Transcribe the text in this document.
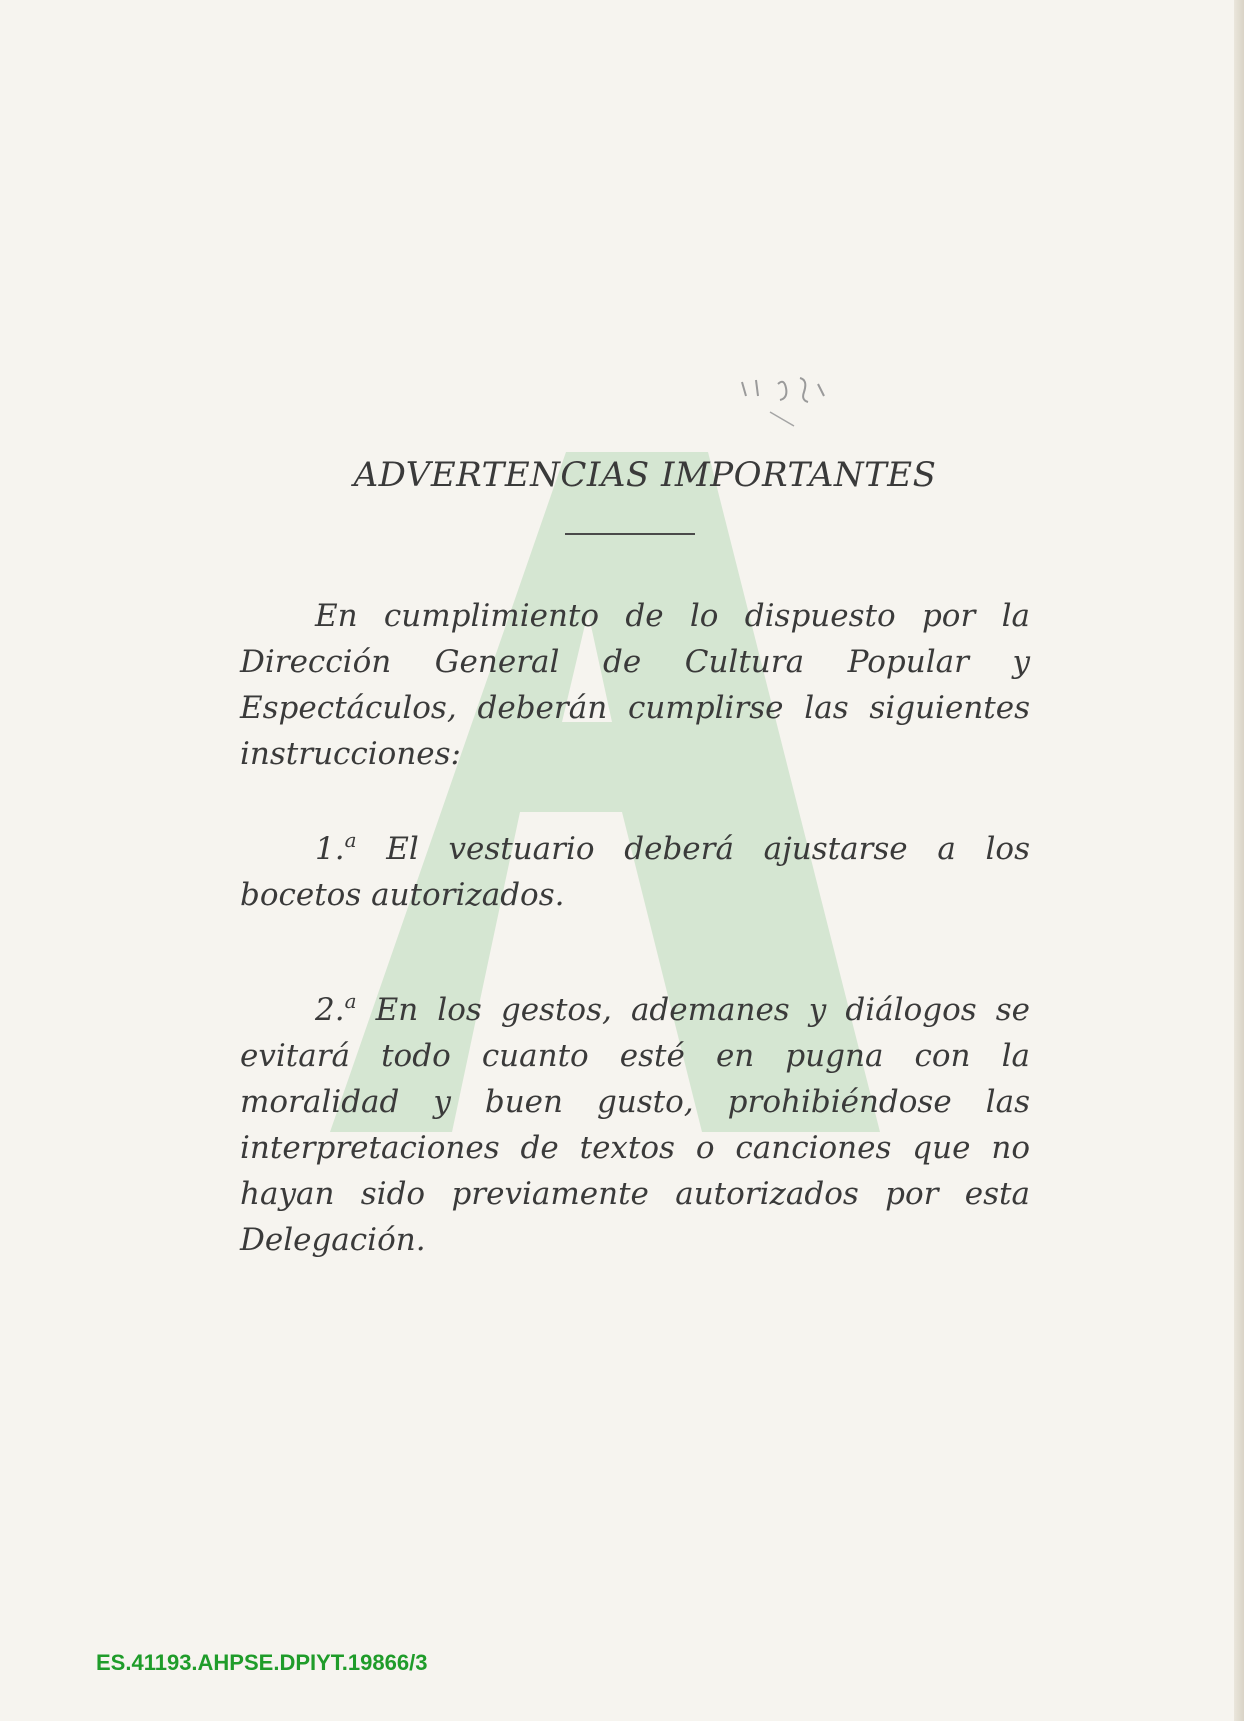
ADVERTENCIAS IMPORTANTES

En cumplimiento de lo dispuesto por la Dirección General de Cultura Popular y Espectáculos, deberán cumplirse las siguientes instrucciones:

1.$^a$ El vestuario deberá ajustarse a los bocetos autorizados.

2.$^a$ En los gestos, ademanes y diálogos se evitará todo cuanto esté en pugna con la moralidad y buen gusto, prohibiéndose las interpretaciones de textos o canciones que no hayan sido previamente autorizados por esta Delegación.

ES.41193.AHPSE.DPIYT.19866/3
